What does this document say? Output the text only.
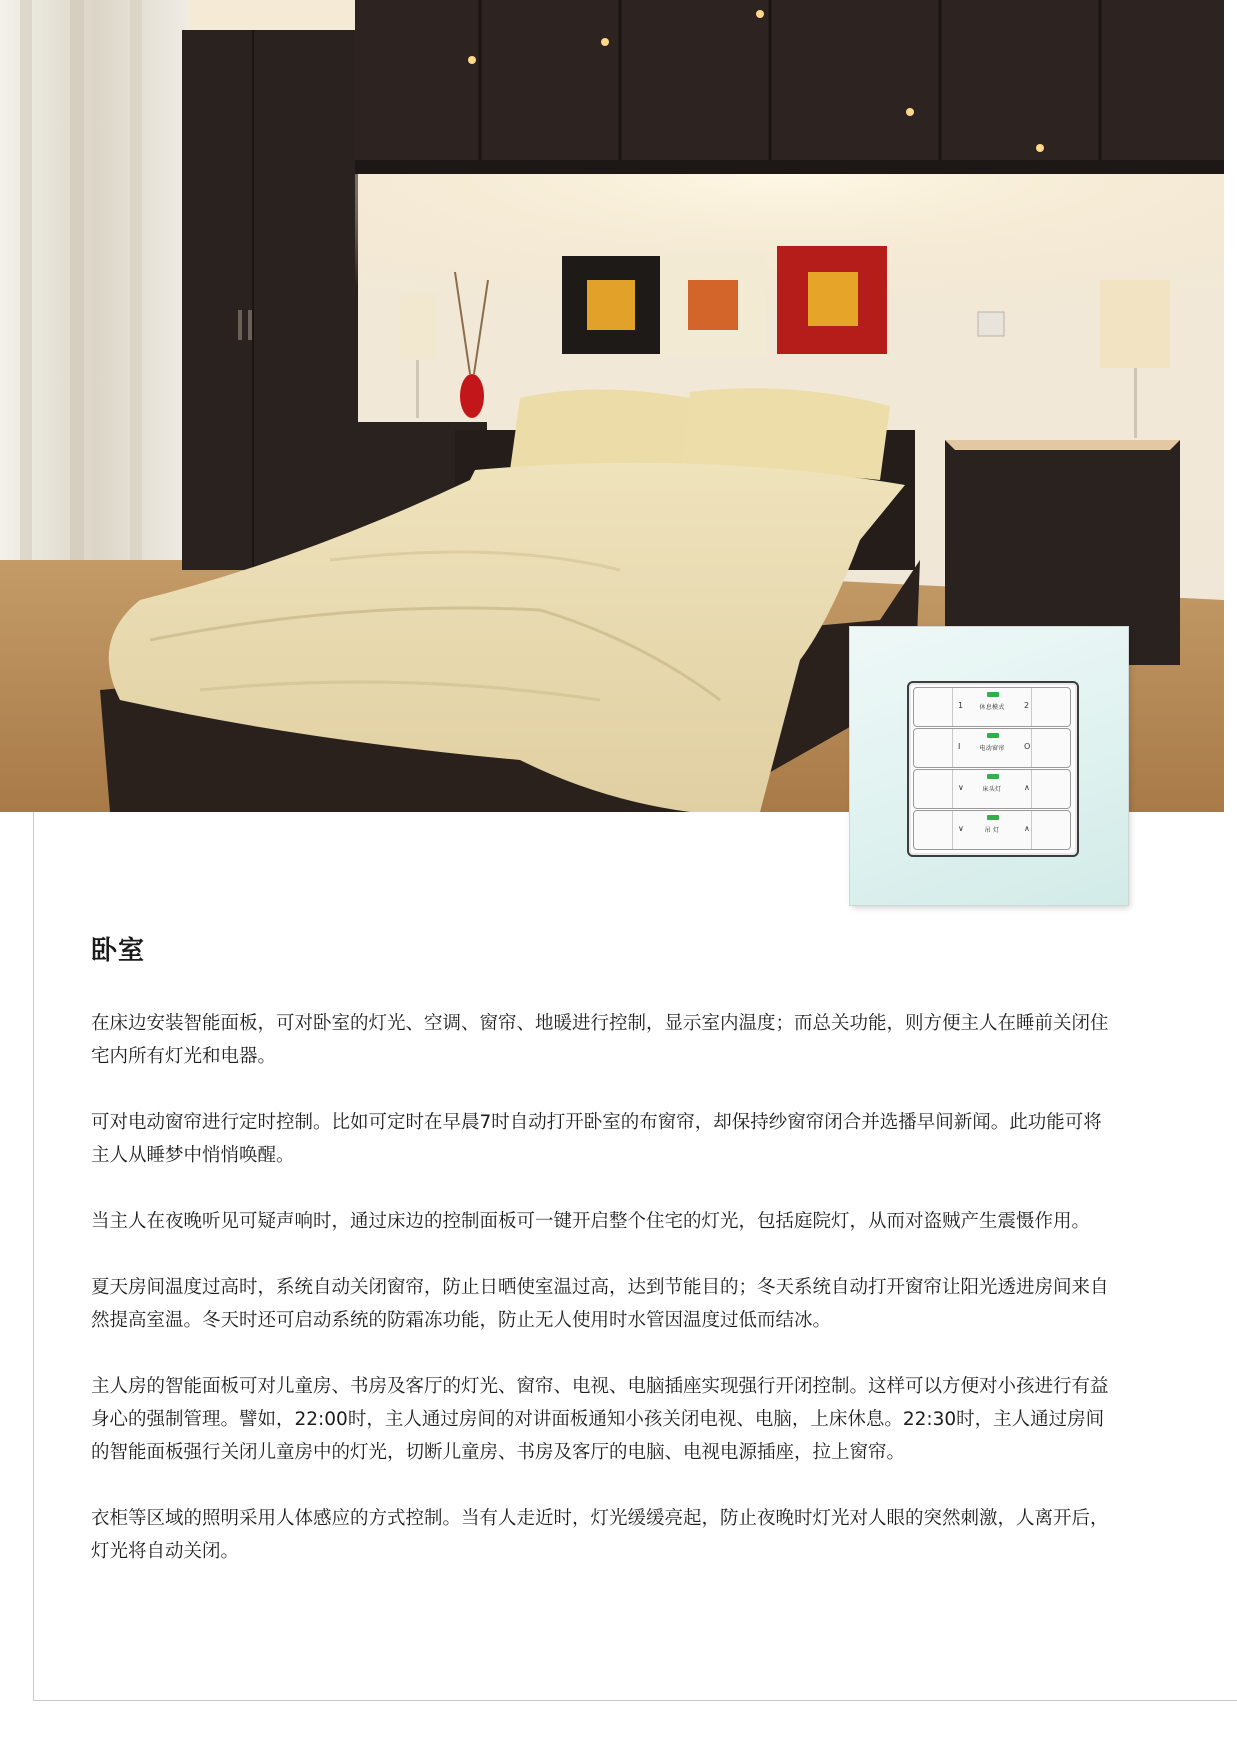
1	休息模式	2
I	电动窗帘	O
∨	床头灯	∧
∨	吊 灯	∧
卧室

在床边安装智能面板，可对卧室的灯光、空调、窗帘、地暖进行控制，显示室内温度；而总关功能，则方便主人在睡前关闭住宅内所有灯光和电器。

可对电动窗帘进行定时控制。比如可定时在早晨7时自动打开卧室的布窗帘，却保持纱窗帘闭合并选播早间新闻。此功能可将主人从睡梦中悄悄唤醒。

当主人在夜晚听见可疑声响时，通过床边的控制面板可一键开启整个住宅的灯光，包括庭院灯，从而对盗贼产生震慑作用。

夏天房间温度过高时，系统自动关闭窗帘，防止日晒使室温过高，达到节能目的；冬天系统自动打开窗帘让阳光透进房间来自然提高室温。冬天时还可启动系统的防霜冻功能，防止无人使用时水管因温度过低而结冰。

主人房的智能面板可对儿童房、书房及客厅的灯光、窗帘、电视、电脑插座实现强行开闭控制。这样可以方便对小孩进行有益身心的强制管理。譬如，22:00时，主人通过房间的对讲面板通知小孩关闭电视、电脑，上床休息。22:30时，主人通过房间的智能面板强行关闭儿童房中的灯光，切断儿童房、书房及客厅的电脑、电视电源插座，拉上窗帘。

衣柜等区域的照明采用人体感应的方式控制。当有人走近时，灯光缓缓亮起，防止夜晚时灯光对人眼的突然刺激，人离开后，灯光将自动关闭。
